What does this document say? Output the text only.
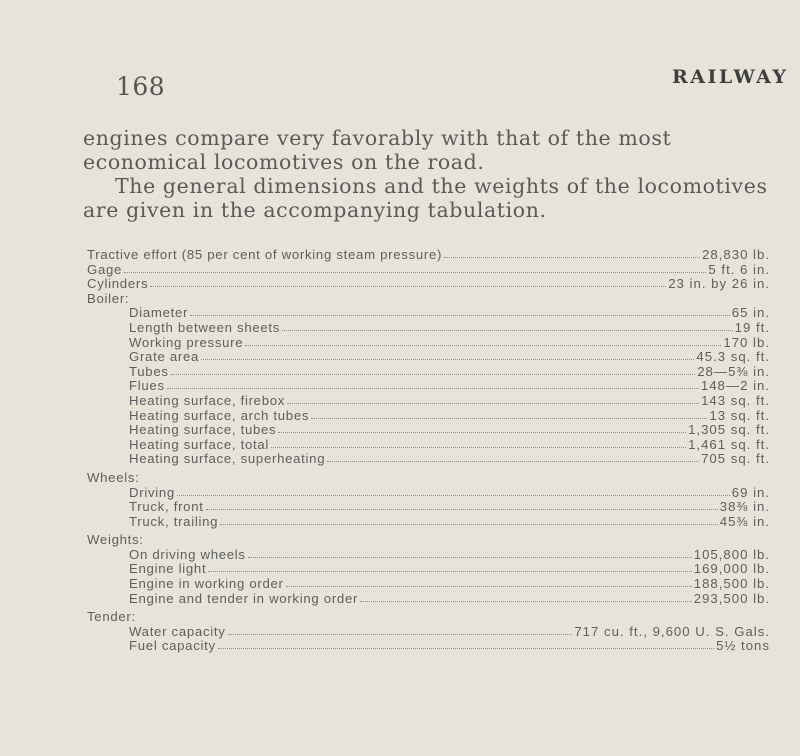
168	RAILWAY

engines compare very favorably with that of the most economical locomotives on the road.

The general dimensions and the weights of the locomotives are given in the accompanying tabulation.

Tractive effort (85 per cent of working steam pressure)	28,830 lb.
Gage	5 ft. 6 in.
Cylinders	23 in. by 26 in.
Boiler:
Diameter	65 in.
Length between sheets	19 ft.
Working pressure	170 lb.
Grate area	45.3 sq. ft.
Tubes	28—5⅜ in.
Flues	148—2 in.
Heating surface, firebox	143 sq. ft.
Heating surface, arch tubes	13 sq. ft.
Heating surface, tubes	1,305 sq. ft.
Heating surface, total	1,461 sq. ft.
Heating surface, superheating	705 sq. ft.
Wheels:
Driving	69 in.
Truck, front	38⅜ in.
Truck, trailing	45⅜ in.
Weights:
On driving wheels	105,800 lb.
Engine light	169,000 lb.
Engine in working order	188,500 lb.
Engine and tender in working order	293,500 lb.
Tender:
Water capacity	717 cu. ft., 9,600 U. S. Gals.
Fuel capacity	5½ tons
